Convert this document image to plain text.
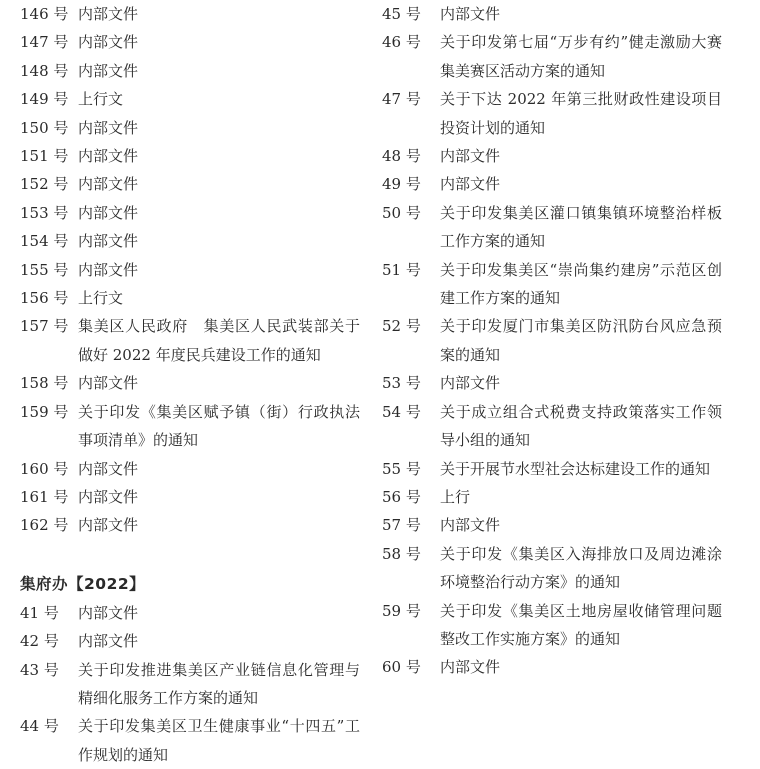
146 号 内部文件
147 号 内部文件
148 号 内部文件
149 号 上行文
150 号 内部文件
151 号 内部文件
152 号 内部文件
153 号 内部文件
154 号 内部文件
155 号 内部文件
156 号 上行文
157 号 集美区人民政府　集美区人民武装部关于做好 2022 年度民兵建设工作的通知
158 号 内部文件
159 号 关于印发《集美区赋予镇（街）行政执法事项清单》的通知
160 号 内部文件
161 号 内部文件
162 号 内部文件
集府办【2022】
41 号	内部文件
42 号	内部文件
43 号	关于印发推进集美区产业链信息化管理与精细化服务工作方案的通知
44 号	关于印发集美区卫生健康事业“十四五”工作规划的通知
45 号	内部文件
46 号	关于印发第七届“万步有约”健走激励大赛集美赛区活动方案的通知
47 号	关于下达 2022 年第三批财政性建设项目投资计划的通知
48 号	内部文件
49 号	内部文件
50 号	关于印发集美区灌口镇集镇环境整治样板工作方案的通知
51 号	关于印发集美区“崇尚集约建房”示范区创建工作方案的通知
52 号	关于印发厦门市集美区防汛防台风应急预案的通知
53 号	内部文件
54 号	关于成立组合式税费支持政策落实工作领导小组的通知
55 号	关于开展节水型社会达标建设工作的通知
56 号	上行
57 号	内部文件
58 号	关于印发《集美区入海排放口及周边滩涂环境整治行动方案》的通知
59 号	关于印发《集美区土地房屋收储管理问题整改工作实施方案》的通知
60 号	内部文件
